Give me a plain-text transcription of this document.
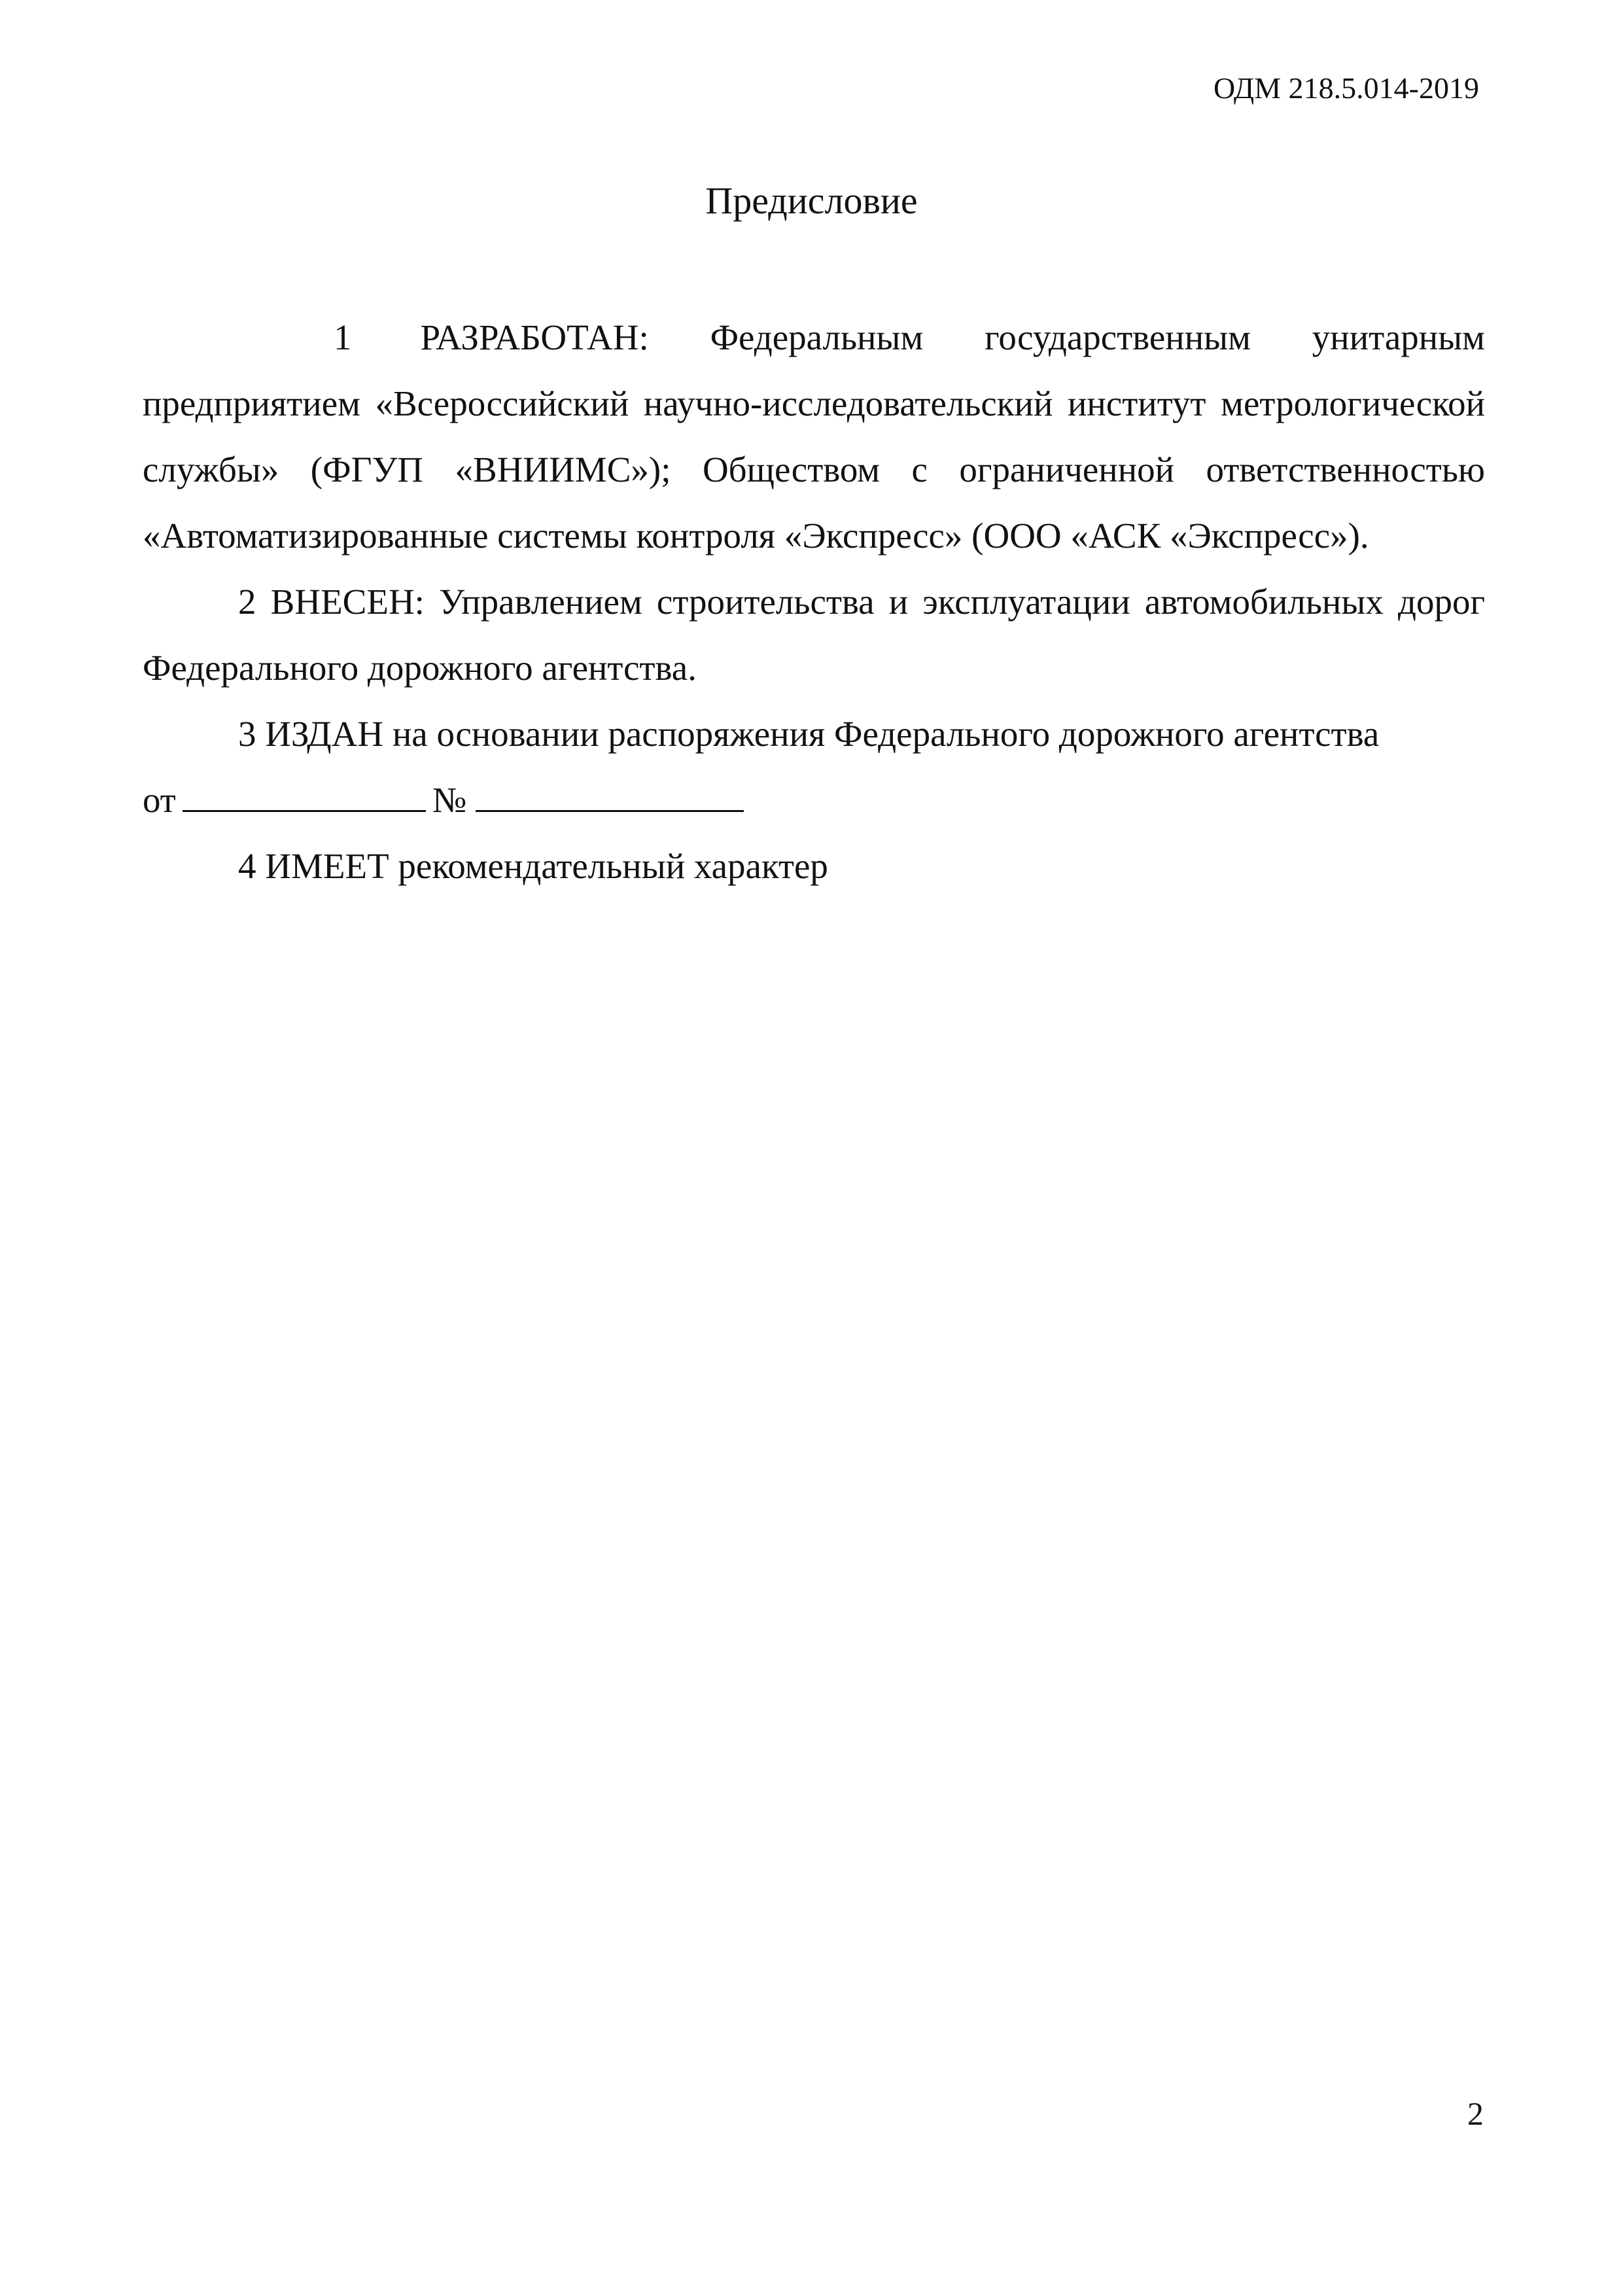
ОДМ 218.5.014-2019
Предисловие

1 РАЗРАБОТАН: Федеральным государственным унитарным предприятием «Всероссийский научно-исследовательский институт метрологической службы» (ФГУП «ВНИИМС»); Обществом с ограниченной ответственностью «Автоматизированные системы контроля «Экспресс» (ООО «АСК «Экспресс»).

2 ВНЕСЕН: Управлением строительства и эксплуатации автомобильных дорог Федерального дорожного агентства.

3 ИЗДАН на основании распоряжения Федерального дорожного агентства

от	№

4 ИМЕЕТ рекомендательный характер

2
